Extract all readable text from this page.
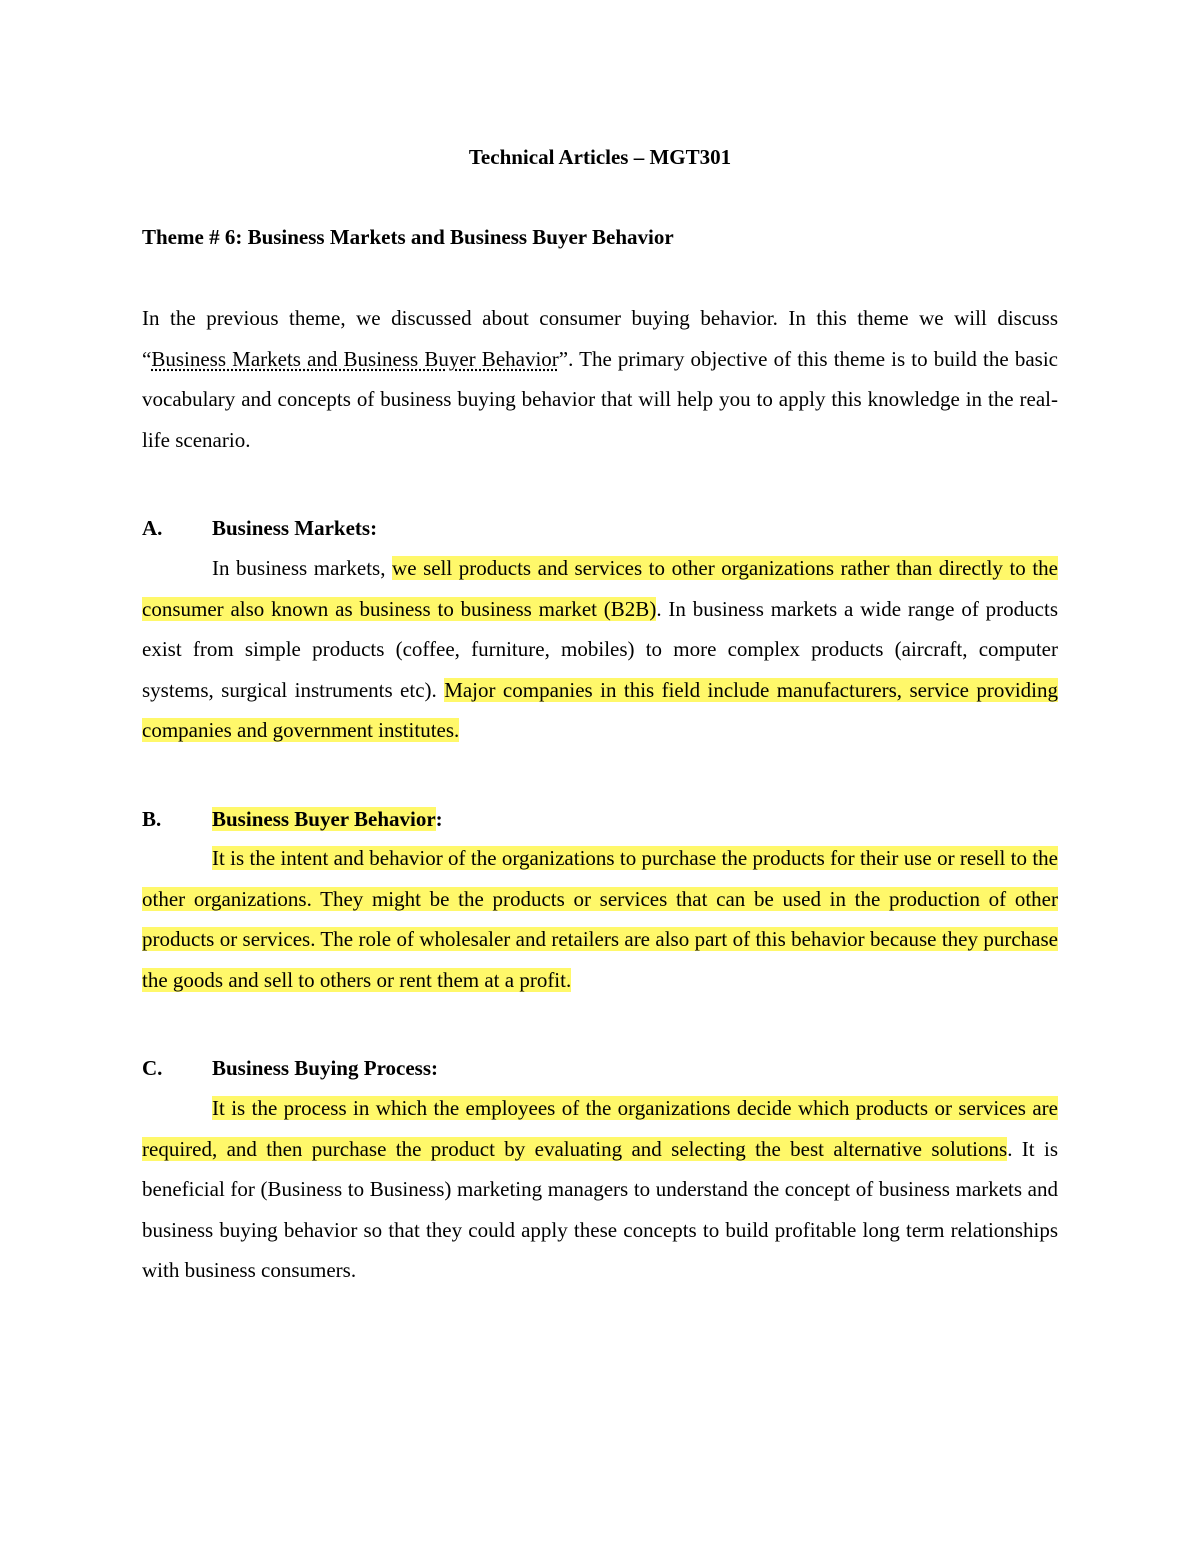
Technical Articles – MGT301
Theme # 6: Business Markets and Business Buyer Behavior

In the previous theme, we discussed about consumer buying behavior. In this theme we will discuss “Business Markets and Business Buyer Behavior”. The primary objective of this theme is to build the basic vocabulary and concepts of business buying behavior that will help you to apply this knowledge in the real-life scenario.

A. Business Markets:

In business markets, we sell products and services to other organizations rather than directly to the consumer also known as business to business market (B2B). In business markets a wide range of products exist from simple products (coffee, furniture, mobiles) to more complex products (aircraft, computer systems, surgical instruments etc). Major companies in this field include manufacturers, service providing companies and government institutes.

B. Business Buyer Behavior:

It is the intent and behavior of the organizations to purchase the products for their use or resell to the other organizations. They might be the products or services that can be used in the production of other products or services. The role of wholesaler and retailers are also part of this behavior because they purchase the goods and sell to others or rent them at a profit.

C. Business Buying Process:

It is the process in which the employees of the organizations decide which products or services are required, and then purchase the product by evaluating and selecting the best alternative solutions. It is beneficial for (Business to Business) marketing managers to understand the concept of business markets and business buying behavior so that they could apply these concepts to build profitable long term relationships with business consumers.
